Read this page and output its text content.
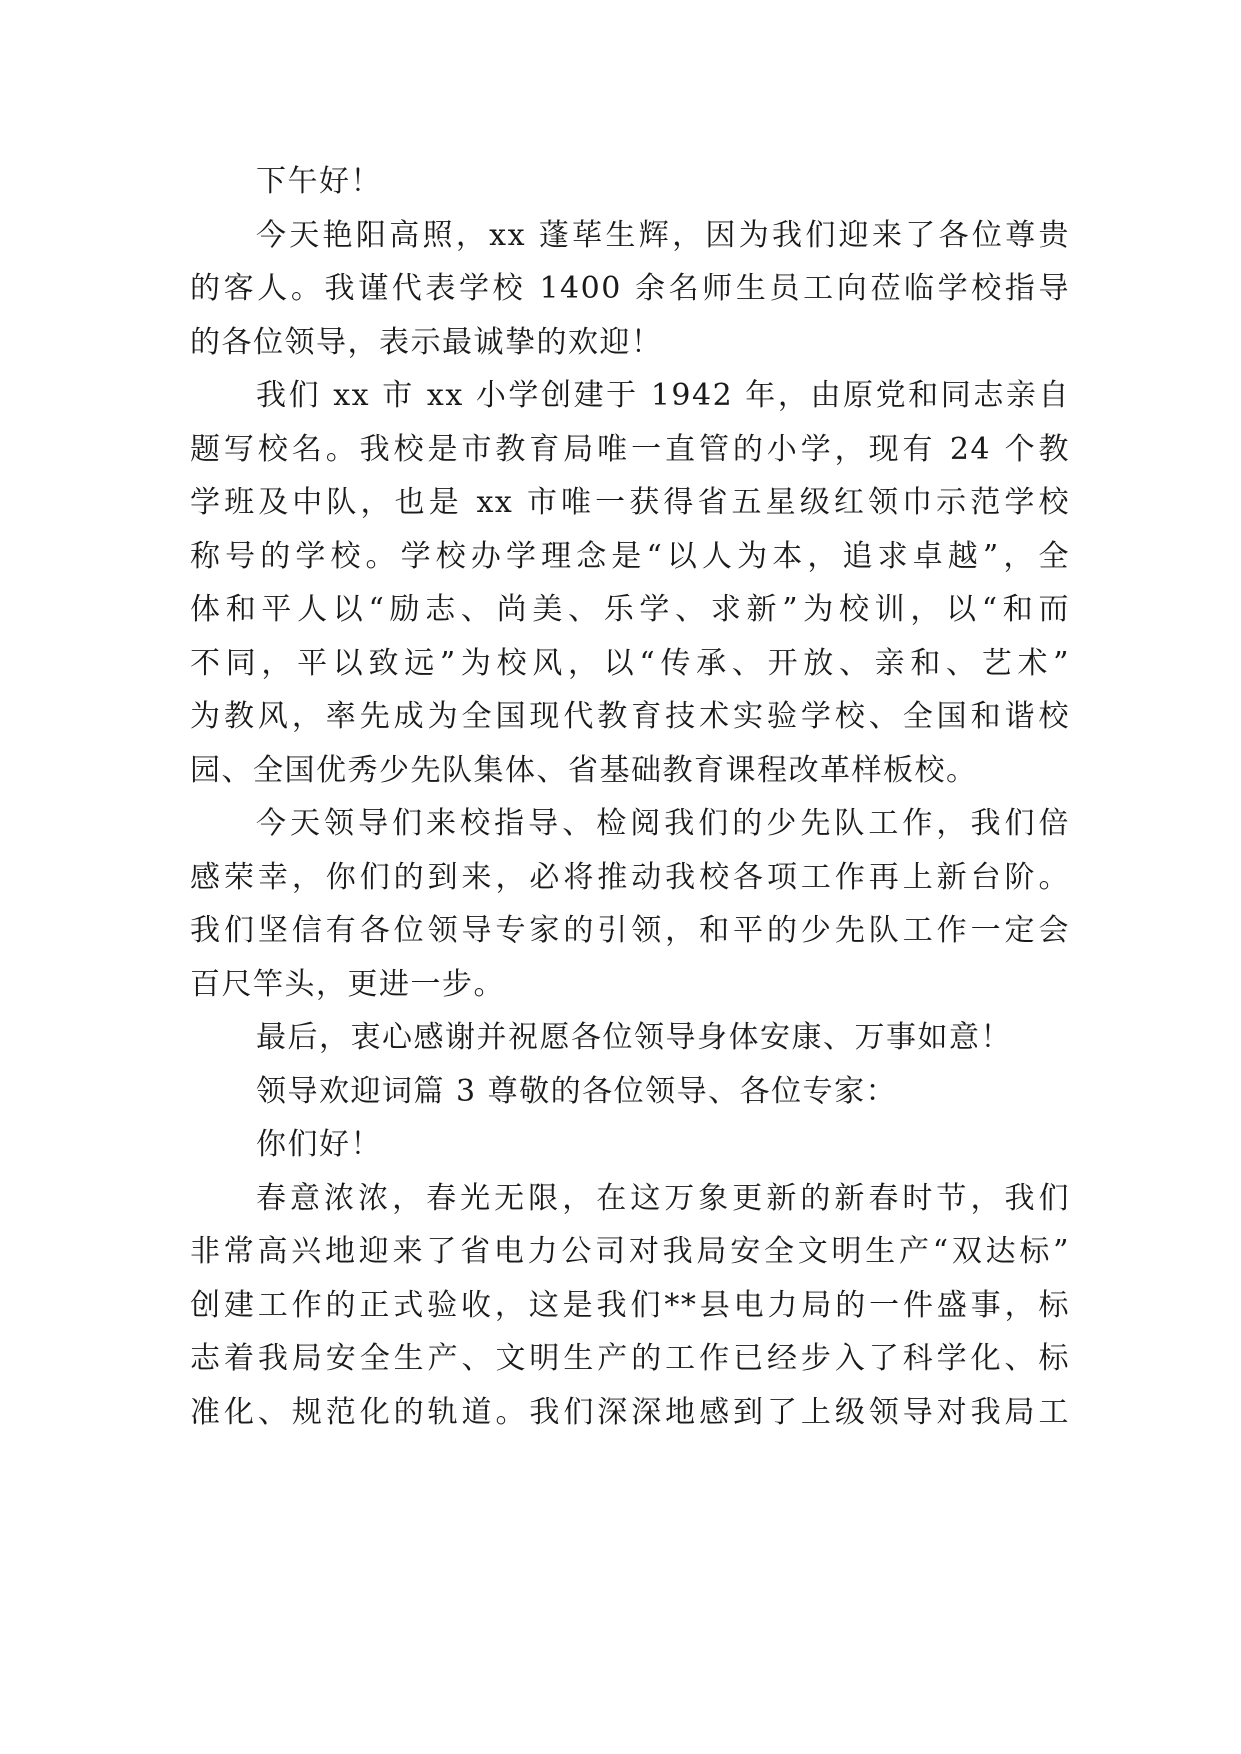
下午好！
今天艳阳高照，xx 蓬荜生辉，因为我们迎来了各位尊贵
的客人。我谨代表学校 1400 余名师生员工向莅临学校指导
的各位领导，表示最诚挚的欢迎！
我们 xx 市 xx 小学创建于 1942 年，由原党和同志亲自
题写校名。我校是市教育局唯一直管的小学，现有 24 个教
学班及中队，也是 xx 市唯一获得省五星级红领巾示范学校
称号的学校。学校办学理念是“以人为本，追求卓越”，全
体和平人以“励志、尚美、乐学、求新”为校训，以“和而
不同，平以致远”为校风，以“传承、开放、亲和、艺术”
为教风，率先成为全国现代教育技术实验学校、全国和谐校
园、全国优秀少先队集体、省基础教育课程改革样板校。
今天领导们来校指导、检阅我们的少先队工作，我们倍
感荣幸，你们的到来，必将推动我校各项工作再上新台阶。
我们坚信有各位领导专家的引领，和平的少先队工作一定会
百尺竿头，更进一步。
最后，衷心感谢并祝愿各位领导身体安康、万事如意！
领导欢迎词篇 3 尊敬的各位领导、各位专家：
你们好！
春意浓浓，春光无限，在这万象更新的新春时节，我们
非常高兴地迎来了省电力公司对我局安全文明生产“双达标”
创建工作的正式验收，这是我们**县电力局的一件盛事，标
志着我局安全生产、文明生产的工作已经步入了科学化、标
准化、规范化的轨道。我们深深地感到了上级领导对我局工
